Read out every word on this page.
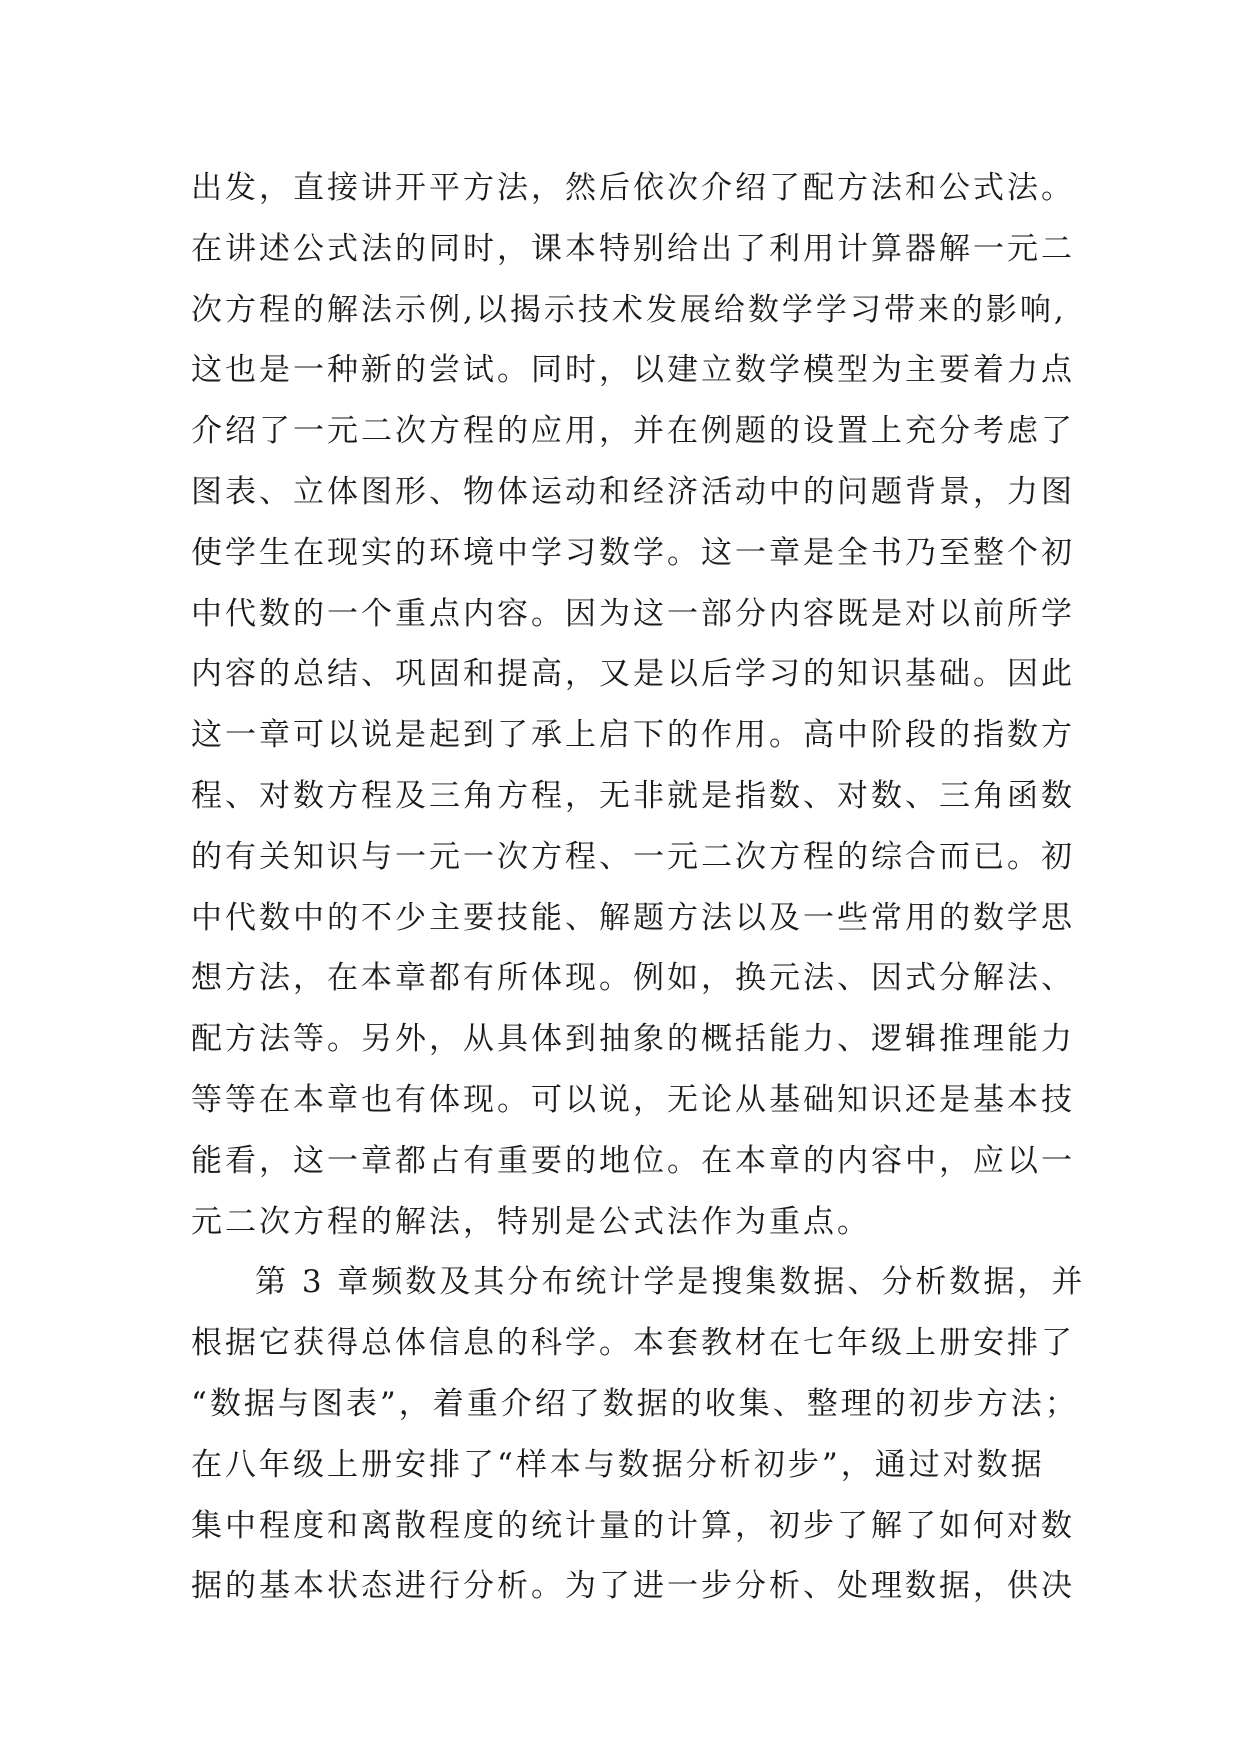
出发，直接讲开平方法，然后依次介绍了配方法和公式法。
在讲述公式法的同时，课本特别给出了利用计算器解一元二
次方程的解法示例,以揭示技术发展给数学学习带来的影响,
这也是一种新的尝试。同时，以建立数学模型为主要着力点
介绍了一元二次方程的应用，并在例题的设置上充分考虑了
图表、立体图形、物体运动和经济活动中的问题背景，力图
使学生在现实的环境中学习数学。这一章是全书乃至整个初
中代数的一个重点内容。因为这一部分内容既是对以前所学
内容的总结、巩固和提高，又是以后学习的知识基础。因此
这一章可以说是起到了承上启下的作用。高中阶段的指数方
程、对数方程及三角方程，无非就是指数、对数、三角函数
的有关知识与一元一次方程、一元二次方程的综合而已。初
中代数中的不少主要技能、解题方法以及一些常用的数学思
想方法，在本章都有所体现。例如，换元法、因式分解法、
配方法等。另外，从具体到抽象的概括能力、逻辑推理能力
等等在本章也有体现。可以说，无论从基础知识还是基本技
能看，这一章都占有重要的地位。在本章的内容中，应以一
元二次方程的解法，特别是公式法作为重点。
第 3 章频数及其分布统计学是搜集数据、分析数据，并
根据它获得总体信息的科学。本套教材在七年级上册安排了
“数据与图表”，着重介绍了数据的收集、整理的初步方法；
在八年级上册安排了“样本与数据分析初步”，通过对数据
集中程度和离散程度的统计量的计算，初步了解了如何对数
据的基本状态进行分析。为了进一步分析、处理数据，供决
